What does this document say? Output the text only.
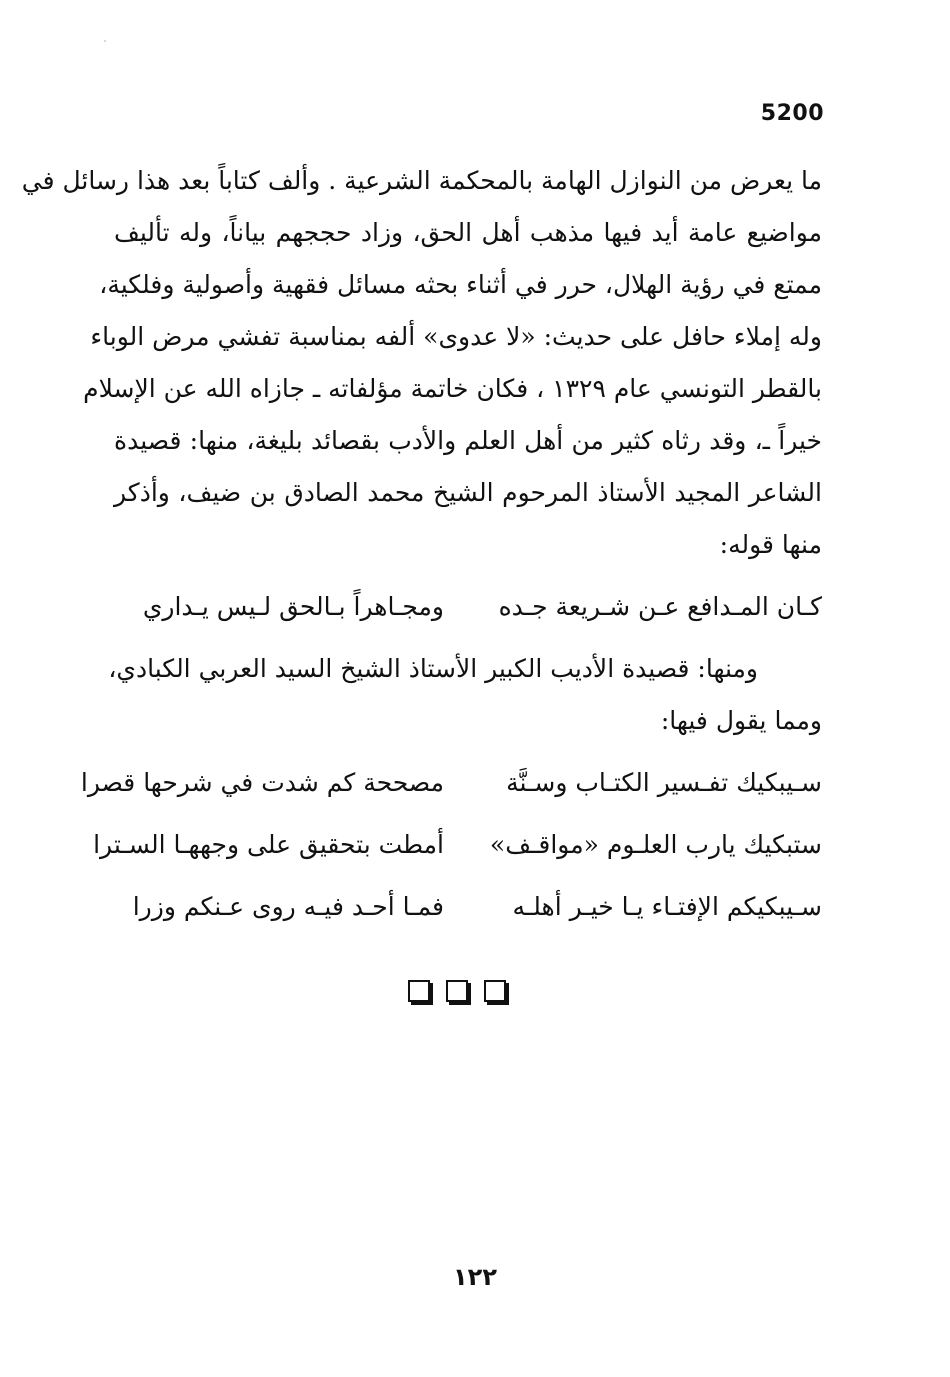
5200
ما يعرض من النوازل الهامة بالمحكمة الشرعية . وألف كتاباً بعد هذا رسائل في
مواضيع عامة أيد فيها مذهب أهل الحق، وزاد حججهم بياناً، وله تأليف
ممتع في رؤية الهلال، حرر في أثناء بحثه مسائل فقهية وأصولية وفلكية،
وله إملاء حافل على حديث: «لا عدوى» ألفه بمناسبة تفشي مرض الوباء
بالقطر التونسي عام ١٣٢٩ ، فكان خاتمة مؤلفاته ـ جازاه الله عن الإسلام
خيراً ـ، وقد رثاه كثير من أهل العلم والأدب بقصائد بليغة، منها: قصيدة
الشاعر المجيد الأستاذ المرحوم الشيخ محمد الصادق بن ضيف، وأذكر
منها قوله:
كـان المـدافع عـن شـريعة جـده
ومجـاهراً بـالحق لـيس يـداري
ومنها: قصيدة الأديب الكبير الأستاذ الشيخ السيد العربي الكبادي،
ومما يقول فيها:
سـيبكيك تفـسير الكتـاب وسـنَّة
مصححة كم شدت في شرحها قصرا
ستبكيك يارب العلـوم «مواقـف»
أمطت بتحقيق على وجههـا السـترا
سـيبكيكم الإفتـاء يـا خيـر أهلـه
فمـا أحـد فيـه روى عـنكم وزرا
١٢٢
